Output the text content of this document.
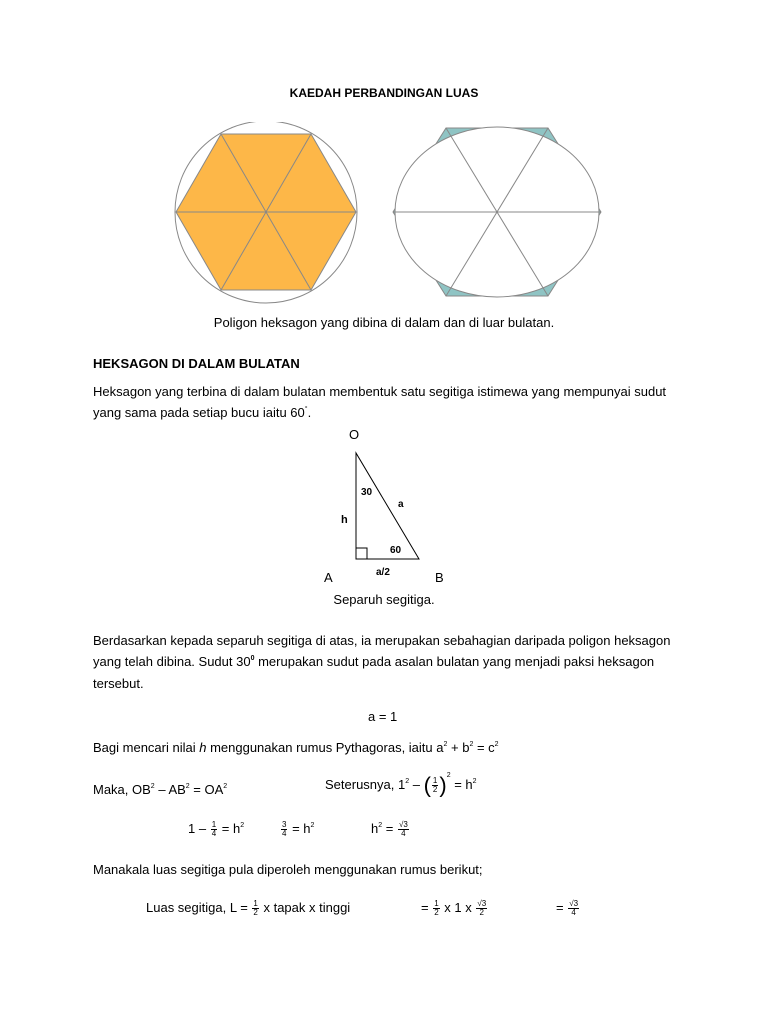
KAEDAH PERBANDINGAN LUAS
Poligon heksagon yang dibina di dalam dan di luar bulatan.
HEKSAGON DI DALAM BULATAN
Heksagon yang terbina di dalam bulatan membentuk satu segitiga istimewa yang mempunyai sudut
yang sama pada setiap bucu iaitu 60°.
O
30
a
h
60
a/2
A	B
Separuh segitiga.
Berdasarkan kepada separuh segitiga di atas, ia merupakan sebahagian daripada poligon heksagon
yang telah dibina. Sudut $30^0$ merupakan sudut pada asalan bulatan yang menjadi paksi heksagon
tersebut.
a = 1
Bagi mencari nilai h menggunakan rumus Pythagoras, iaitu $a^2 + b^2 = c^2$
Maka, $OB^2 - AB^2 = OA^2$	Seterusnya, $1^2$ – ( $\frac{1}{2} )^2 = h^2$
$1 - \frac{1}{4} = h^2$	$\frac{3}{4} = h^2$	$h^2 = \frac{√3}{4}$
Manakala luas segitiga pula diperoleh menggunakan rumus berikut;
Luas segitiga, $L = \frac{1}{2}$ x tapak x tinggi	= $\frac{1}{2}$ x 1 x $\frac{√3}{2}$	= $\frac{√3}{4}$
